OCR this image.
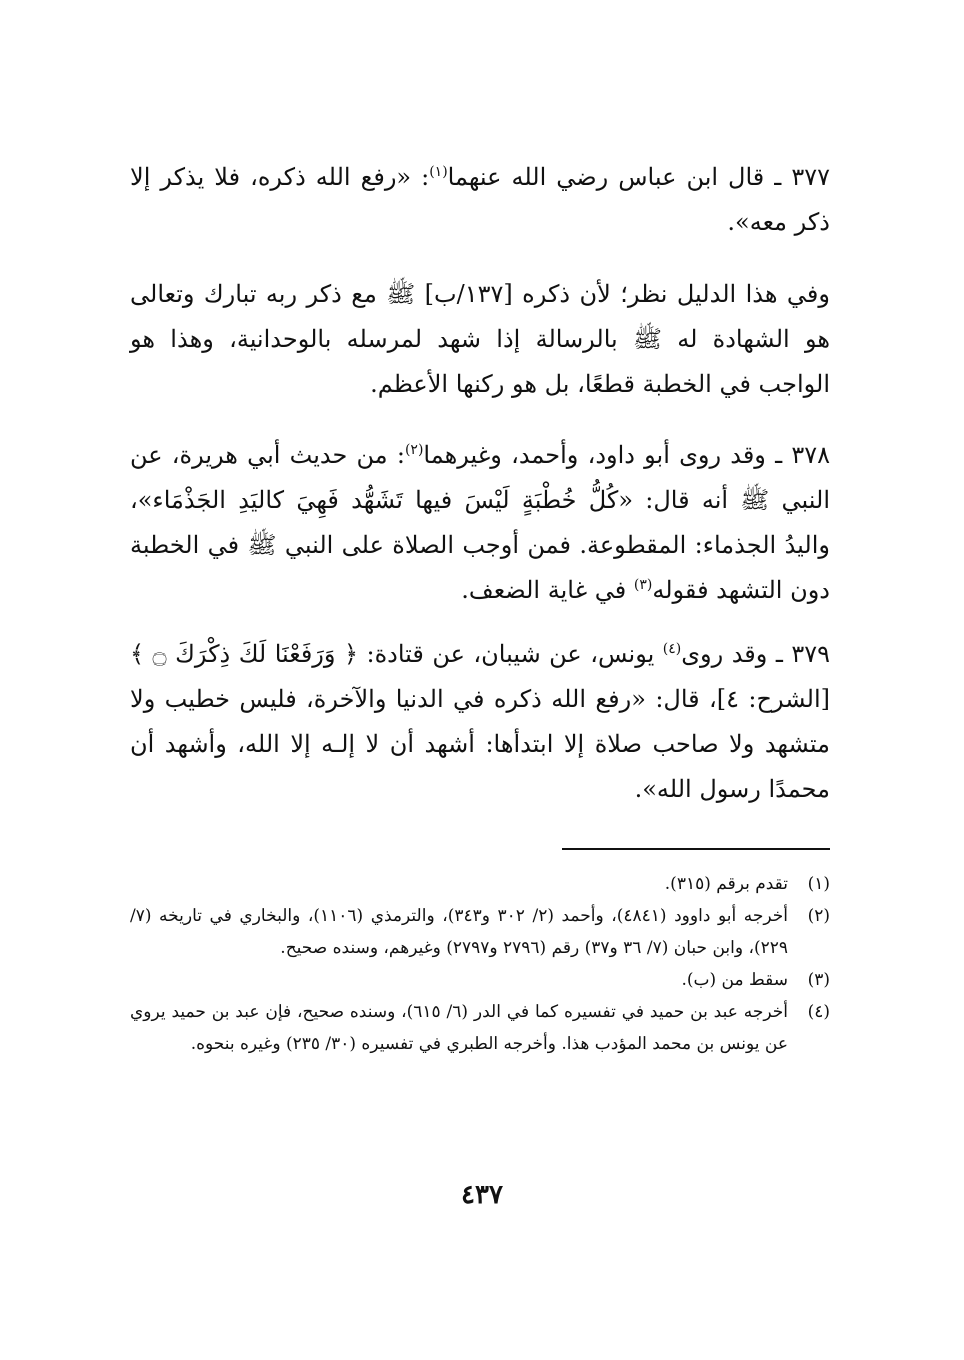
٣٧٧ ـ قال ابن عباس رضي الله عنهما$^{(١)}$: «رفع الله ذكره، فلا يذكر إلا ذكر معه».

وفي هذا الدليل نظر؛ لأن ذكره [١٣٧/ب] ﷺ مع ذكر ربه تبارك وتعالى هو الشهادة له ﷺ بالرسالة إذا شهد لمرسله بالوحدانية، وهذا هو الواجب في الخطبة قطعًا، بل هو ركنها الأعظم.

٣٧٨ ـ وقد روى أبو داود، وأحمد، وغيرهما$^{(٢)}$: من حديث أبي هريرة، عن النبي ﷺ أنه قال: «كُلُّ خُطْبَةٍ لَيْسَ فيها تَشَهُّد فَهِيَ كاليَدِ الجَذْمَاء»، واليدُ الجذماء: المقطوعة. فمن أوجب الصلاة على النبي ﷺ في الخطبة دون التشهد فقوله$^{(٣)}$ في غاية الضعف.

٣٧٩ ـ وقد روى$^{(٤)}$ يونس، عن شيبان، عن قتادة: ﴿ وَرَفَعْنَا لَكَ ذِكْرَكَ ۝ ﴾ [الشرح: ٤]، قال: «رفع الله ذكره في الدنيا والآخرة، فليس خطيب ولا متشهد ولا صاحب صلاة إلا ابتدأها: أشهد أن لا إلـه إلا الله، وأشهد أن محمدًا رسول الله».

(١)
تقدم برقم (٣١٥).
(٢)
أخرجه أبو داوود (٤٨٤١)، وأحمد (٢/ ٣٠٢ و٣٤٣)، والترمذي (١١٠٦)، والبخاري في تاريخه (٧/ ٢٢٩)، وابن حبان (٧/ ٣٦ و٣٧) رقم (٢٧٩٦ و٢٧٩٧) وغيرهم، وسنده صحيح.
(٣)
سقط من (ب).
(٤)
أخرجه عبد بن حميد في تفسيره كما في الدر (٦/ ٦١٥)، وسنده صحيح، فإن عبد بن حميد يروي عن يونس بن محمد المؤدب هذا. وأخرجه الطبري في تفسيره (٣٠/ ٢٣٥) وغيره بنحوه.
٤٣٧
